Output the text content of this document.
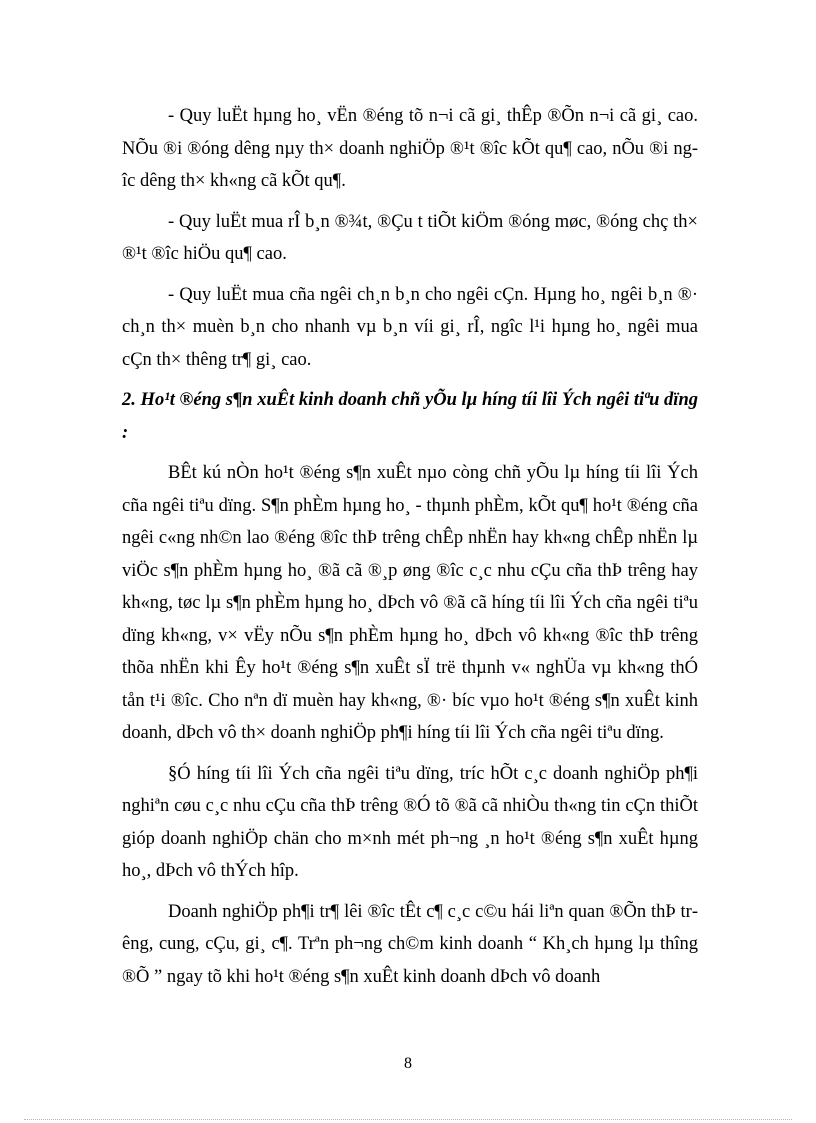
- Quy luËt hµng ho¸ vËn ®éng tõ n¬i cã gi¸ thÊp ®Õn n¬i cã gi¸ cao. NÕu ®i ®óng dêng nµy th× doanh nghiÖp ®¹t ®îc kÕt qu¶ cao, nÕu ®i ngîc dêng th× kh«ng cã kÕt qu¶.

- Quy luËt mua rÎ b¸n ®¾t, ®Çu t tiÕt kiÖm ®óng møc, ®óng chç th× ®¹t ®îc hiÖu qu¶ cao.

- Quy luËt mua cña ngêi ch¸n b¸n cho ngêi cÇn. Hµng ho¸ ngêi b¸n ®· ch¸n th× muèn b¸n cho nhanh vµ b¸n víi gi¸ rÎ, ngîc l¹i hµng ho¸ ngêi mua cÇn th× thêng tr¶ gi¸ cao.

2. Ho¹t ®éng s¶n xuÊt kinh doanh chñ yÕu lµ híng tíi lîi Ých ngêi tiªu dïng :

BÊt kú nÒn ho¹t ®éng s¶n xuÊt nµo còng chñ yÕu lµ híng tíi lîi Ých cña ngêi tiªu dïng. S¶n phÈm hµng ho¸ - thµnh phÈm, kÕt qu¶ ho¹t ®éng cña ngêi c«ng nh©n lao ®éng ®îc thÞ trêng chÊp nhËn hay kh«ng chÊp nhËn lµ viÖc s¶n phÈm hµng ho¸ ®ã cã ®¸p øng ®îc c¸c nhu cÇu cña thÞ trêng hay kh«ng, tøc lµ s¶n phÈm hµng ho¸ dÞch vô ®ã cã híng tíi lîi Ých cña ngêi tiªu dïng kh«ng, v× vËy nÕu s¶n phÈm hµng ho¸ dÞch vô kh«ng ®îc thÞ trêng thõa nhËn khi Êy ho¹t ®éng s¶n xuÊt sÏ trë thµnh v« nghÜa vµ kh«ng thÓ tån t¹i ®îc. Cho nªn dï muèn hay kh«ng, ®· bíc vµo ho¹t ®éng s¶n xuÊt kinh doanh, dÞch vô th× doanh nghiÖp ph¶i híng tíi lîi Ých cña ngêi tiªu dïng.

§Ó híng tíi lîi Ých cña ngêi tiªu dïng, tríc hÕt c¸c doanh nghiÖp ph¶i nghiªn cøu c¸c nhu cÇu cña thÞ trêng ®Ó tõ ®ã cã nhiÒu th«ng tin cÇn thiÕt gióp doanh nghiÖp chän cho m×nh mét ph¬ng ¸n ho¹t ®éng s¶n xuÊt hµng ho¸, dÞch vô thÝch hîp.

Doanh nghiÖp ph¶i tr¶ lêi ®îc tÊt c¶ c¸c c©u hái liªn quan ®Õn thÞ trêng, cung, cÇu, gi¸ c¶. Trªn ph¬ng ch©m kinh doanh “ Kh¸ch hµng lµ thîng ®Õ ” ngay tõ khi ho¹t ®éng s¶n xuÊt kinh doanh dÞch vô doanh

8
